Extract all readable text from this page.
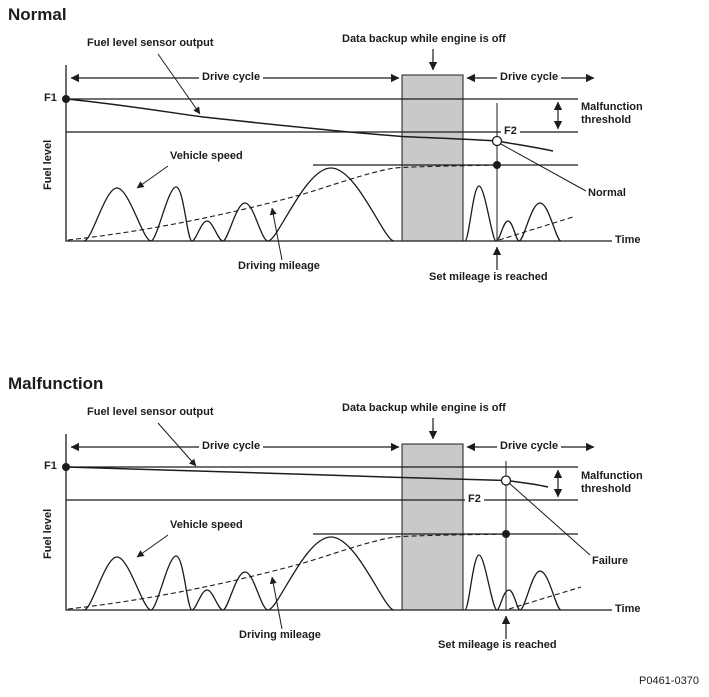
Normal
Fuel level sensor output	Data backup while engine is off
Drive cycle	Drive cycle
F1
F2
Fuel level
Malfunction threshold
Vehicle speed
Driving mileage
Set mileage is reached
Time
Normal
Malfunction
Fuel level sensor output	Data backup while engine is off
Drive cycle	Drive cycle
F1
F2
Fuel level
Malfunction threshold
Vehicle speed
Driving mileage
Set mileage is reached
Time
Failure
P0461-0370
